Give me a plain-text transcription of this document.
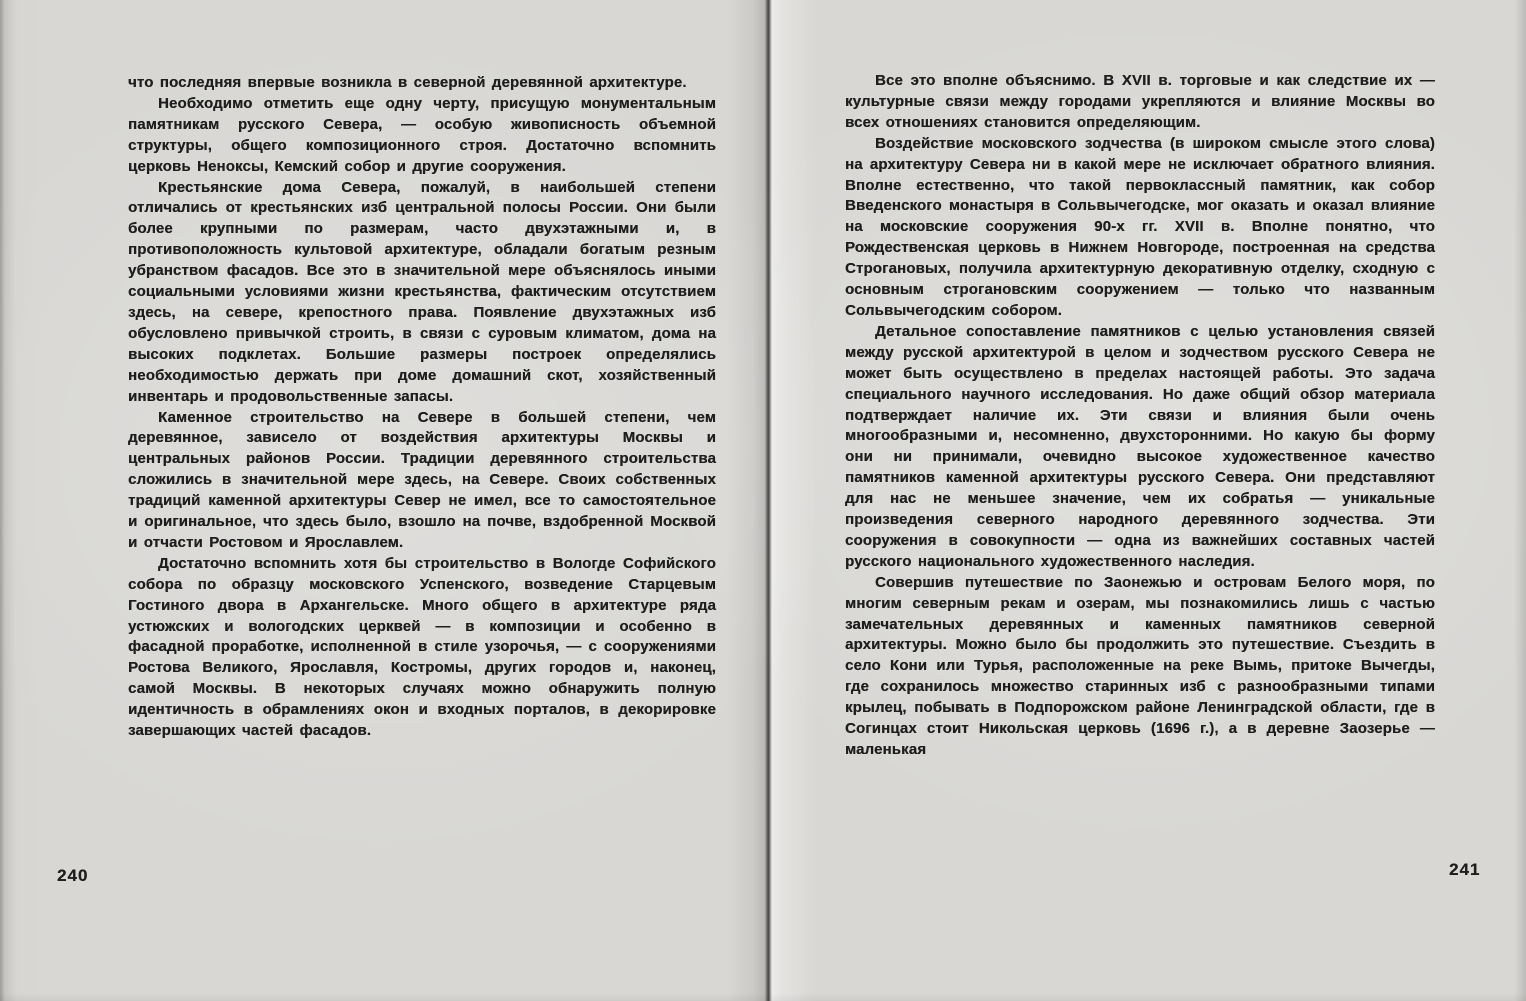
что последняя впервые возникла в северной деревянной архитектуре.

Необходимо отметить еще одну черту, присущую монументальным памятникам русского Севера, — особую живописность объемной структуры, общего композиционного строя. Достаточно вспомнить церковь Неноксы, Кемский собор и другие сооружения.

Крестьянские дома Севера, пожалуй, в наибольшей степени отличались от крестьянских изб центральной полосы России. Они были более крупными по размерам, часто двухэтажными и, в противоположность культовой архитектуре, обладали богатым резным убранством фасадов. Все это в значительной мере объяснялось иными социальными условиями жизни крестьянства, фактическим отсутствием здесь, на севере, крепостного права. Появление двухэтажных изб обусловлено привычкой строить, в связи с суровым климатом, дома на высоких подклетах. Большие размеры построек определялись необходимостью держать при доме домашний скот, хозяйственный инвентарь и продовольственные запасы.

Каменное строительство на Севере в большей степени, чем деревянное, зависело от воздействия архитектуры Москвы и центральных районов России. Традиции деревянного строительства сложились в значительной мере здесь, на Севере. Своих собственных традиций каменной архитектуры Север не имел, все то самостоятельное и оригинальное, что здесь было, взошло на почве, вздобренной Москвой и отчасти Ростовом и Ярославлем.

Достаточно вспомнить хотя бы строительство в Вологде Софийского собора по образцу московского Успенского, возведение Старцевым Гостиного двора в Архангельске. Много общего в архитектуре ряда устюжских и вологодских церквей — в композиции и особенно в фасадной проработке, исполненной в стиле узорочья, — с сооружениями Ростова Великого, Ярославля, Костромы, других городов и, наконец, самой Москвы. В некоторых случаях можно обнаружить полную идентичность в обрамлениях окон и входных порталов, в декорировке завершающих частей фасадов.

Все это вполне объяснимо. В XVII в. торговые и как следствие их — культурные связи между городами укрепляются и влияние Москвы во всех отношениях становится определяющим.

Воздействие московского зодчества (в широком смысле этого слова) на архитектуру Севера ни в какой мере не исключает обратного влияния. Вполне естественно, что такой первоклассный памятник, как собор Введенского монастыря в Сольвычегодске, мог оказать и оказал влияние на московские сооружения 90-х гг. XVII в. Вполне понятно, что Рождественская церковь в Нижнем Новгороде, построенная на средства Строгановых, получила архитектурную декоративную отделку, сходную с основным строгановским сооружением — только что названным Сольвычегодским собором.

Детальное сопоставление памятников с целью установления связей между русской архитектурой в целом и зодчеством русского Севера не может быть осуществлено в пределах настоящей работы. Это задача специального научного исследования. Но даже общий обзор материала подтверждает наличие их. Эти связи и влияния были очень многообразными и, несомненно, двухсторонними. Но какую бы форму они ни принимали, очевидно высокое художественное качество памятников каменной архитектуры русского Севера. Они представляют для нас не меньшее значение, чем их собратья — уникальные произведения северного народного деревянного зодчества. Эти сооружения в совокупности — одна из важнейших составных частей русского национального художественного наследия.

Совершив путешествие по Заонежью и островам Белого моря, по многим северным рекам и озерам, мы познакомились лишь с частью замечательных деревянных и каменных памятников северной архитектуры. Можно было бы продолжить это путешествие. Съездить в село Кони или Турья, расположенные на реке Вымь, притоке Вычегды, где сохранилось множество старинных изб с разнообразными типами крылец, побывать в Подпорожском районе Ленинградской области, где в Согинцах стоит Никольская церковь (1696 г.), а в деревне Заозерье — маленькая

240	241
